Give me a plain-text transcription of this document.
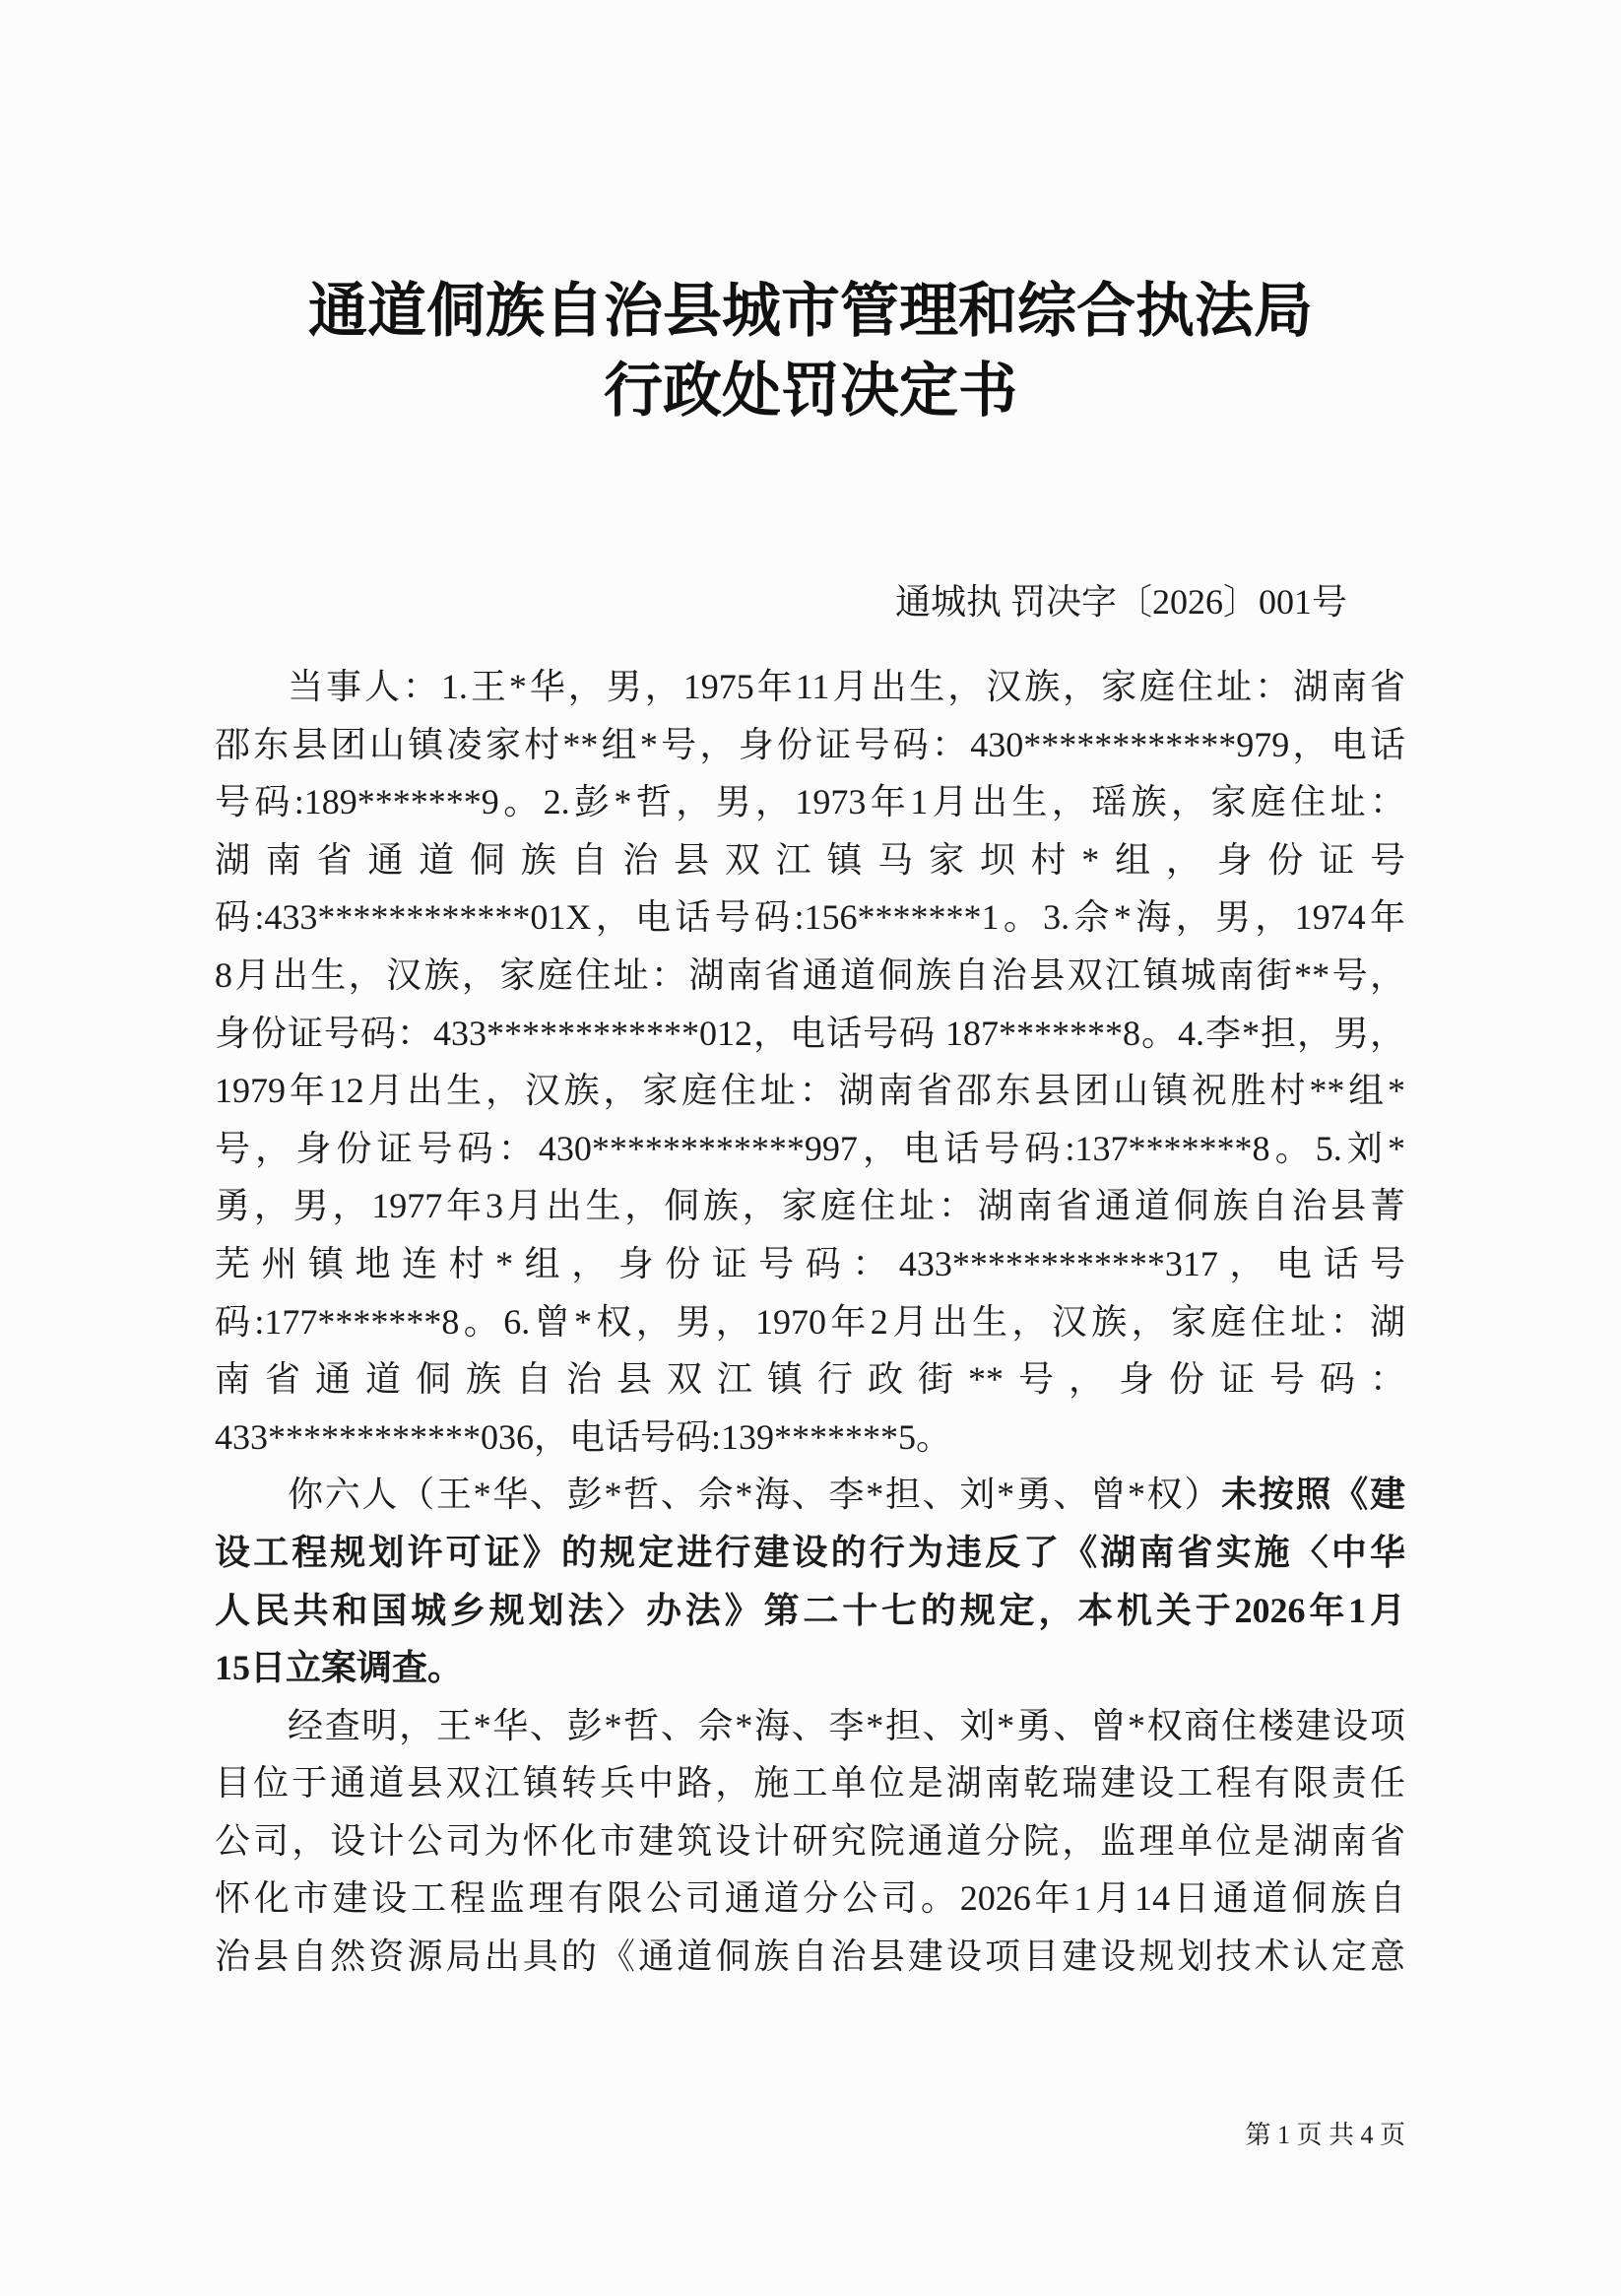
通道侗族自治县城市管理和综合执法局
行政处罚决定书
通城执 罚决字〔2026〕001号
当事人：1.王*华，男，1975年11月出生，汉族，家庭住址：湖南省
邵东县团山镇凌家村**组*号，身份证号码：430************979，电话
号码:189*******9。2.彭*哲，男，1973年1月出生，瑶族，家庭住址：
湖南省通道侗族自治县双江镇马家坝村*组，身份证号
码:433************01X，电话号码:156*******1。3.佘*海，男，1974年
8月出生，汉族，家庭住址：湖南省通道侗族自治县双江镇城南街**号，
身份证号码：433************012，电话号码 187*******8。4.李*担，男，
1979年12月出生，汉族，家庭住址：湖南省邵东县团山镇祝胜村**组*
号，身份证号码：430************997，电话号码:137*******8。5.刘*
勇，男，1977年3月出生，侗族，家庭住址：湖南省通道侗族自治县菁
芜州镇地连村*组，身份证号码：433************317，电话号
码:177*******8。6.曾*权，男，1970年2月出生，汉族，家庭住址：湖
南省通道侗族自治县双江镇行政街**号，身份证号码：
433************036，电话号码:139*******5。
你六人（王*华、彭*哲、佘*海、李*担、刘*勇、曾*权）未按照《建
设工程规划许可证》的规定进行建设的行为违反了《湖南省实施〈中华
人民共和国城乡规划法〉办法》第二十七的规定，本机关于2026年1月
15日立案调查。
经查明，王*华、彭*哲、佘*海、李*担、刘*勇、曾*权商住楼建设项
目位于通道县双江镇转兵中路，施工单位是湖南乾瑞建设工程有限责任
公司，设计公司为怀化市建筑设计研究院通道分院，监理单位是湖南省
怀化市建设工程监理有限公司通道分公司。2026年1月14日通道侗族自
治县自然资源局出具的《通道侗族自治县建设项目建设规划技术认定意
第 1 页 共 4 页
